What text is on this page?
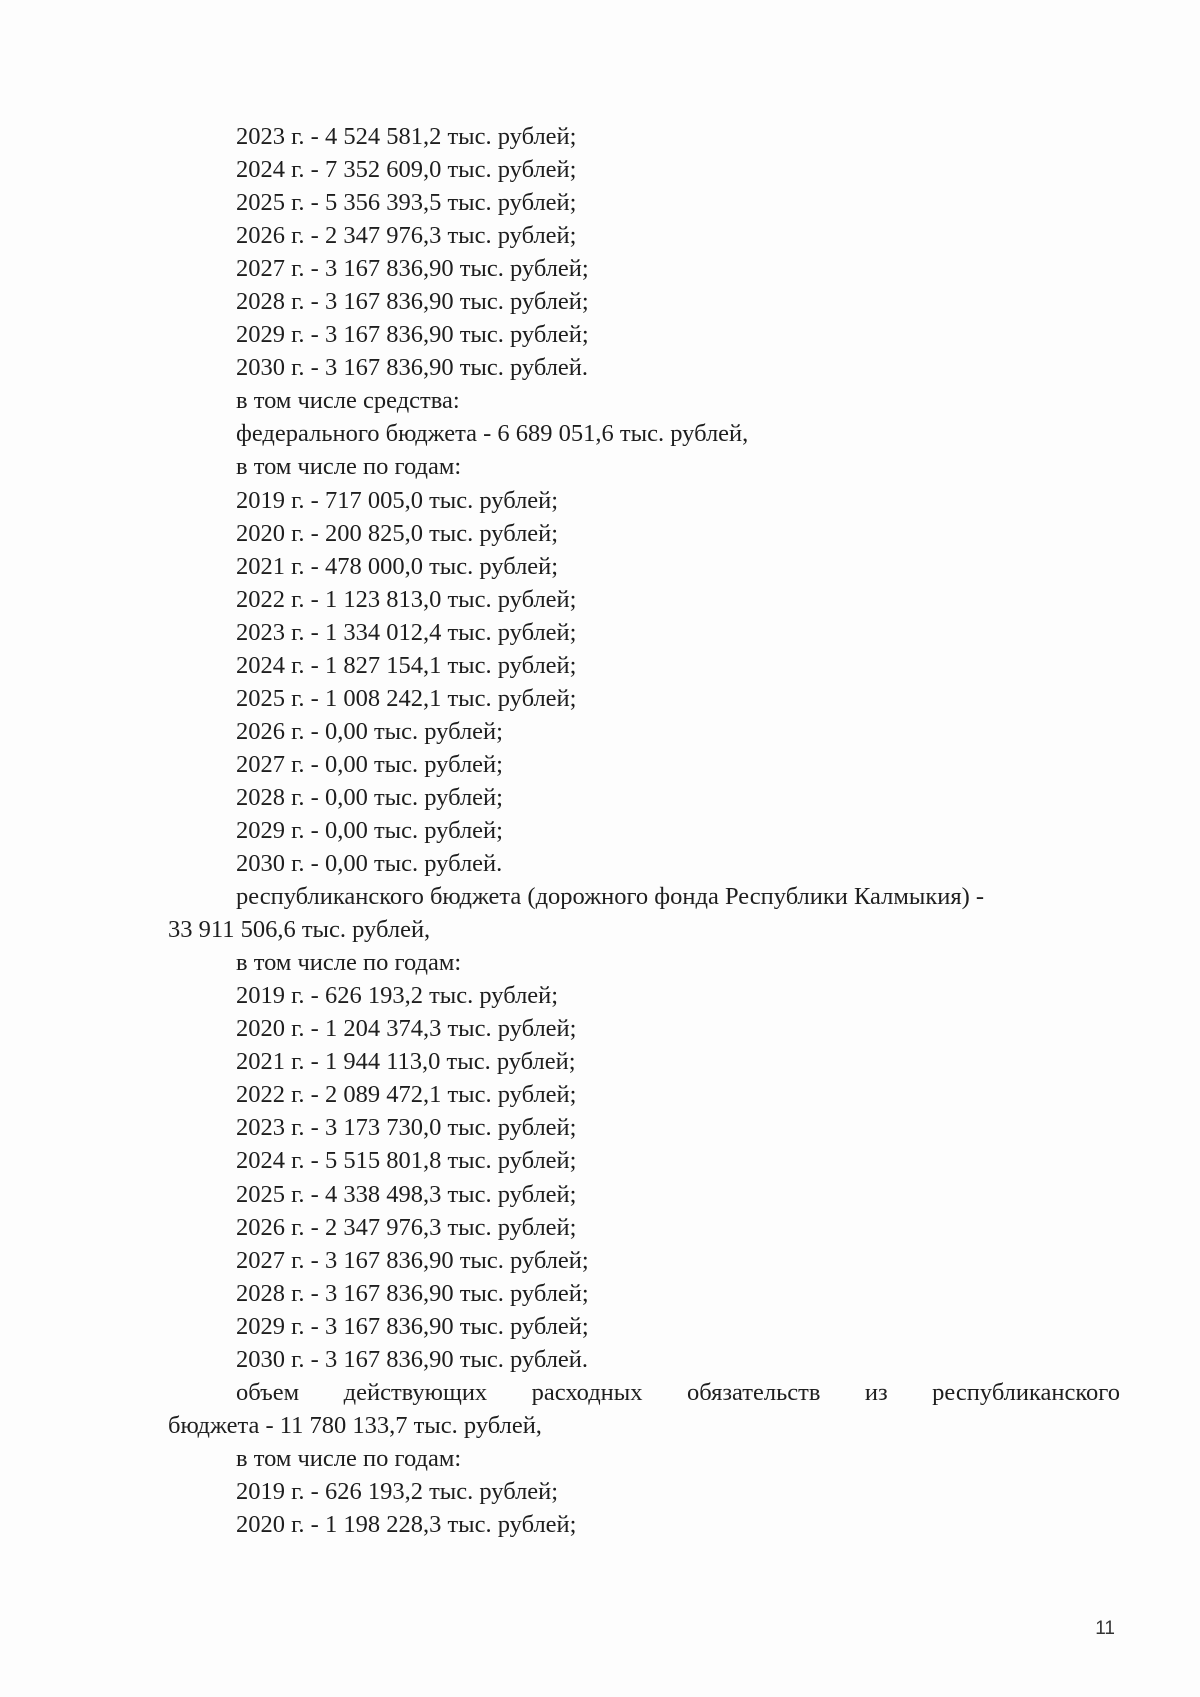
2023 г. - 4 524 581,2 тыс. рублей;
2024 г. - 7 352 609,0 тыс. рублей;
2025 г. - 5 356 393,5 тыс. рублей;
2026 г. - 2 347 976,3 тыс. рублей;
2027 г. - 3 167 836,90 тыс. рублей;
2028 г. - 3 167 836,90 тыс. рублей;
2029 г. - 3 167 836,90 тыс. рублей;
2030 г. - 3 167 836,90 тыс. рублей.
в том числе средства:
федерального бюджета - 6 689 051,6 тыс. рублей,
в том числе по годам:
2019 г. - 717 005,0 тыс. рублей;
2020 г. - 200 825,0 тыс. рублей;
2021 г. - 478 000,0 тыс. рублей;
2022 г. - 1 123 813,0 тыс. рублей;
2023 г. - 1 334 012,4 тыс. рублей;
2024 г. - 1 827 154,1 тыс. рублей;
2025 г. - 1 008 242,1 тыс. рублей;
2026 г. - 0,00 тыс. рублей;
2027 г. - 0,00 тыс. рублей;
2028 г. - 0,00 тыс. рублей;
2029 г. - 0,00 тыс. рублей;
2030 г. - 0,00 тыс. рублей.
республиканского бюджета (дорожного фонда Республики Калмыкия) -
33 911 506,6 тыс. рублей,
в том числе по годам:
2019 г. - 626 193,2 тыс. рублей;
2020 г. - 1 204 374,3 тыс. рублей;
2021 г. - 1 944 113,0 тыс. рублей;
2022 г. - 2 089 472,1 тыс. рублей;
2023 г. - 3 173 730,0 тыс. рублей;
2024 г. - 5 515 801,8 тыс. рублей;
2025 г. - 4 338 498,3 тыс. рублей;
2026 г. - 2 347 976,3 тыс. рублей;
2027 г. - 3 167 836,90 тыс. рублей;
2028 г. - 3 167 836,90 тыс. рублей;
2029 г. - 3 167 836,90 тыс. рублей;
2030 г. - 3 167 836,90 тыс. рублей.
объем действующих расходных обязательств из республиканского
бюджета - 11 780 133,7 тыс. рублей,
в том числе по годам:
2019 г. - 626 193,2 тыс. рублей;
2020 г. - 1 198 228,3 тыс. рублей;
11
